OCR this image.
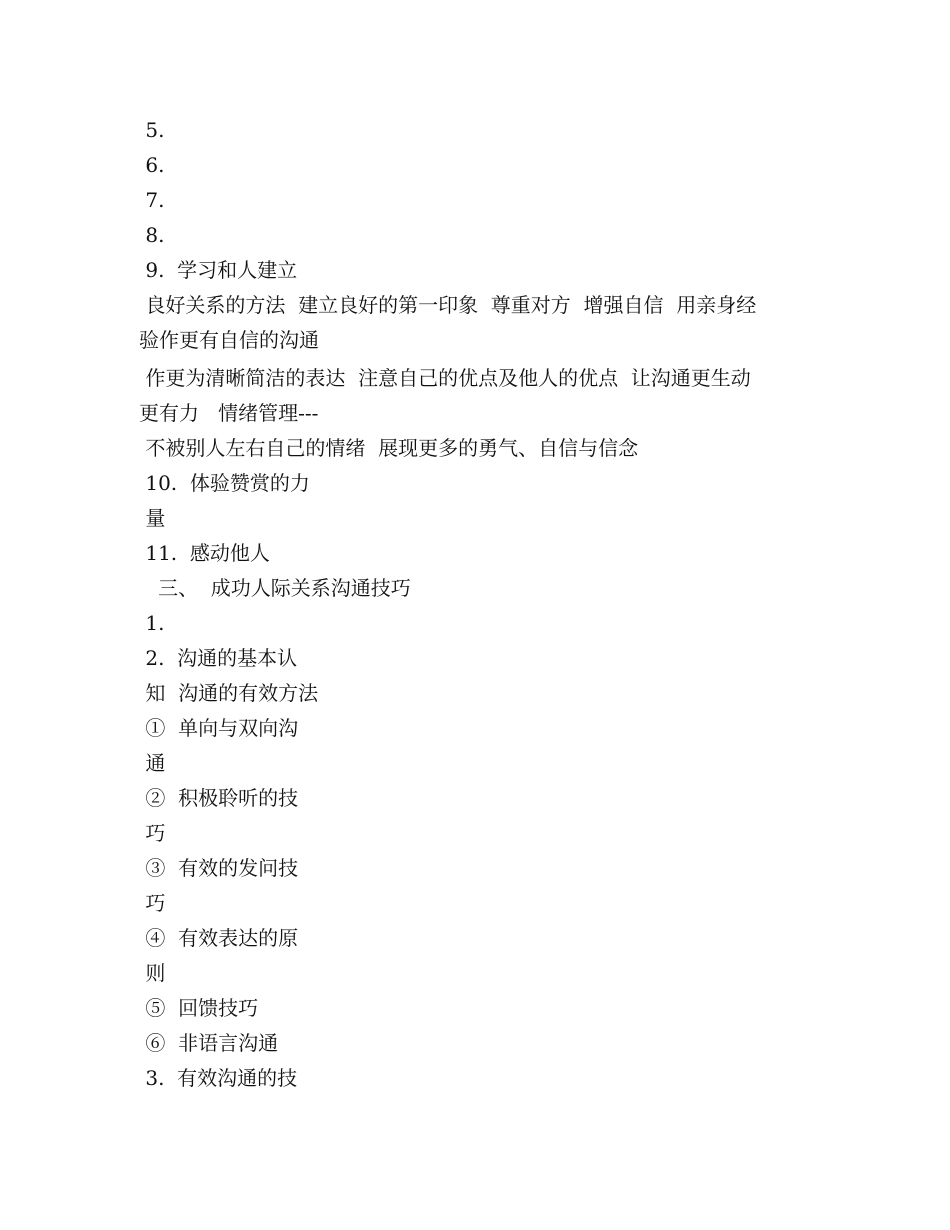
5.
6.
7.
8.
9.  学习和人建立
良好关系的方法  建立良好的第一印象  尊重对方  增强自信  用亲身经
验作更有自信的沟通
作更为清晰简洁的表达  注意自己的优点及他人的优点  让沟通更生动
更有力   情绪管理---
不被别人左右自己的情绪  展现更多的勇气、自信与信念
10.  体验赞赏的力
量
11.  感动他人
三、  成功人际关系沟通技巧
1.
2.  沟通的基本认
知  沟通的有效方法
①  单向与双向沟
通
②  积极聆听的技
巧
③  有效的发问技
巧
④  有效表达的原
则
⑤  回馈技巧
⑥  非语言沟通
3.  有效沟通的技
